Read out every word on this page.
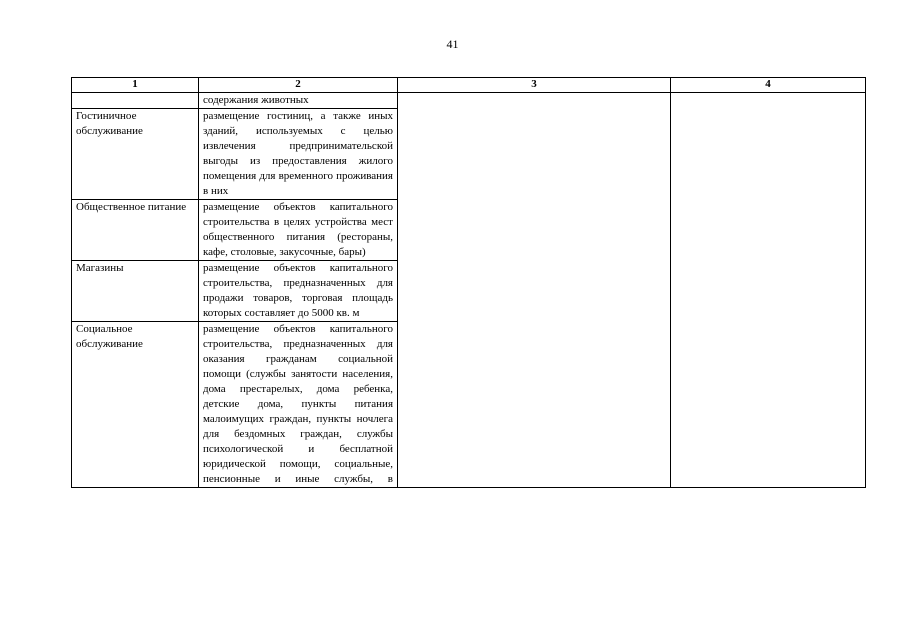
41
1	2	3	4
	содержания животных		
Гостиничное обслуживание	размещение гостиниц, а также иных зданий, используемых с целью извлечения предпринимательской выгоды из предоставления жилого помещения для временного проживания в них		
Общественное питание	размещение объектов капитального строительства в целях устройства мест общественного питания (рестораны, кафе, столовые, закусочные, бары)		
Магазины	размещение объектов капитального строительства, предназначенных для продажи товаров, торговая площадь которых составляет до 5000 кв. м		
Социальное обслуживание	размещение объектов капитального строительства, предназначенных для оказания гражданам социальной помощи (службы занятости населения, дома престарелых, дома ребенка, детские дома, пункты питания малоимущих граждан, пункты ночлега для бездомных граждан, службы психологической и бесплатной юридической помощи, социальные, пенсионные и иные службы, в		
